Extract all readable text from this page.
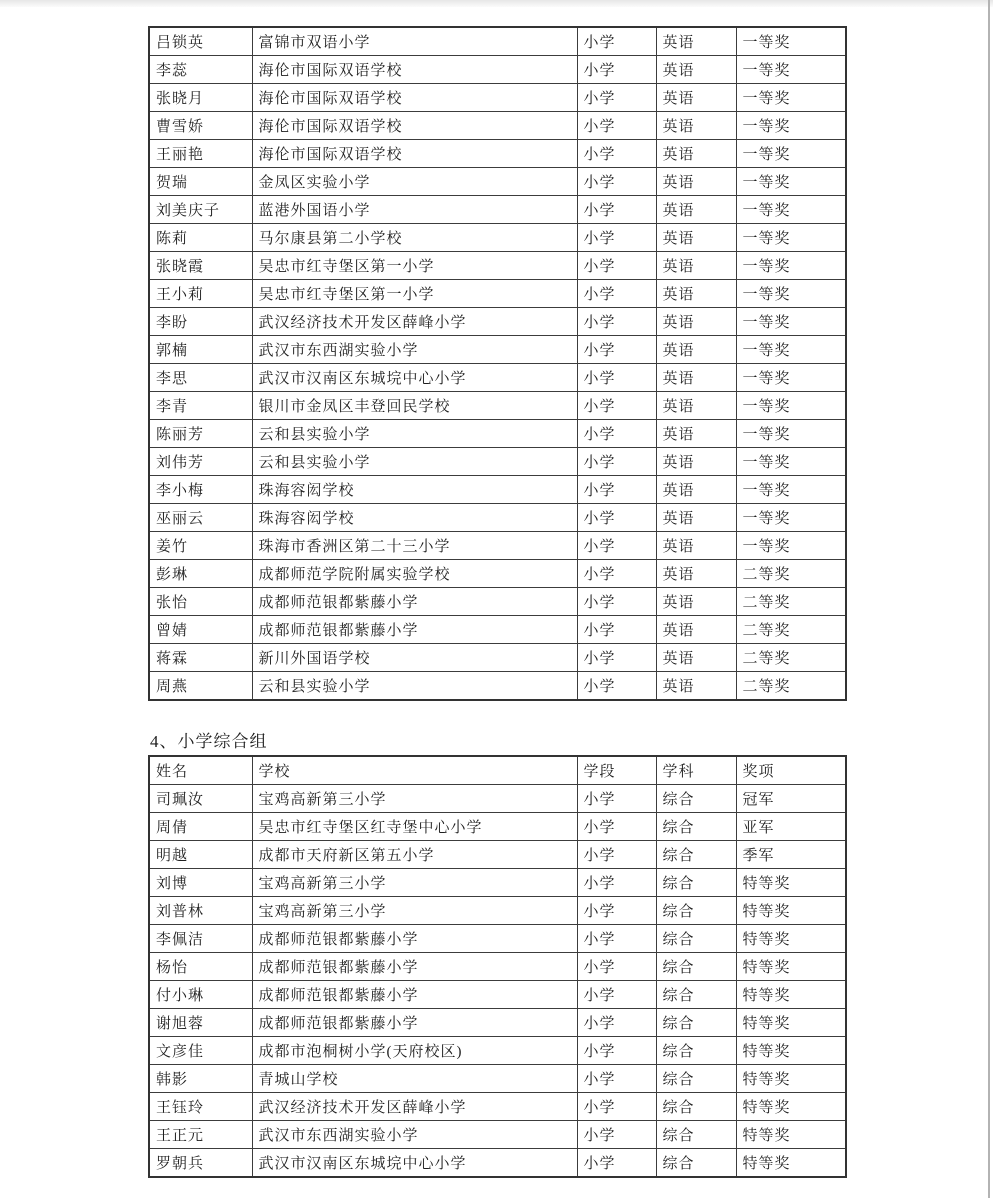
吕锁英	富锦市双语小学	小学	英语	一等奖
李蕊	海伦市国际双语学校	小学	英语	一等奖
张晓月	海伦市国际双语学校	小学	英语	一等奖
曹雪娇	海伦市国际双语学校	小学	英语	一等奖
王丽艳	海伦市国际双语学校	小学	英语	一等奖
贺瑞	金凤区实验小学	小学	英语	一等奖
刘美庆子	蓝港外国语小学	小学	英语	一等奖
陈莉	马尔康县第二小学校	小学	英语	一等奖
张晓霞	吴忠市红寺堡区第一小学	小学	英语	一等奖
王小莉	吴忠市红寺堡区第一小学	小学	英语	一等奖
李盼	武汉经济技术开发区薛峰小学	小学	英语	一等奖
郭楠	武汉市东西湖实验小学	小学	英语	一等奖
李思	武汉市汉南区东城垸中心小学	小学	英语	一等奖
李青	银川市金凤区丰登回民学校	小学	英语	一等奖
陈丽芳	云和县实验小学	小学	英语	一等奖
刘伟芳	云和县实验小学	小学	英语	一等奖
李小梅	珠海容闳学校	小学	英语	一等奖
巫丽云	珠海容闳学校	小学	英语	一等奖
姜竹	珠海市香洲区第二十三小学	小学	英语	一等奖
彭琳	成都师范学院附属实验学校	小学	英语	二等奖
张怡	成都师范银都紫藤小学	小学	英语	二等奖
曾婧	成都师范银都紫藤小学	小学	英语	二等奖
蒋霖	新川外国语学校	小学	英语	二等奖
周燕	云和县实验小学	小学	英语	二等奖
4、小学综合组
姓名	学校	学段	学科	奖项
司珮汝	宝鸡高新第三小学	小学	综合	冠军
周倩	吴忠市红寺堡区红寺堡中心小学	小学	综合	亚军
明越	成都市天府新区第五小学	小学	综合	季军
刘博	宝鸡高新第三小学	小学	综合	特等奖
刘普林	宝鸡高新第三小学	小学	综合	特等奖
李佩洁	成都师范银都紫藤小学	小学	综合	特等奖
杨怡	成都师范银都紫藤小学	小学	综合	特等奖
付小琳	成都师范银都紫藤小学	小学	综合	特等奖
谢旭蓉	成都师范银都紫藤小学	小学	综合	特等奖
文彦佳	成都市泡桐树小学(天府校区)	小学	综合	特等奖
韩影	青城山学校	小学	综合	特等奖
王钰玲	武汉经济技术开发区薛峰小学	小学	综合	特等奖
王正元	武汉市东西湖实验小学	小学	综合	特等奖
罗朝兵	武汉市汉南区东城垸中心小学	小学	综合	特等奖
